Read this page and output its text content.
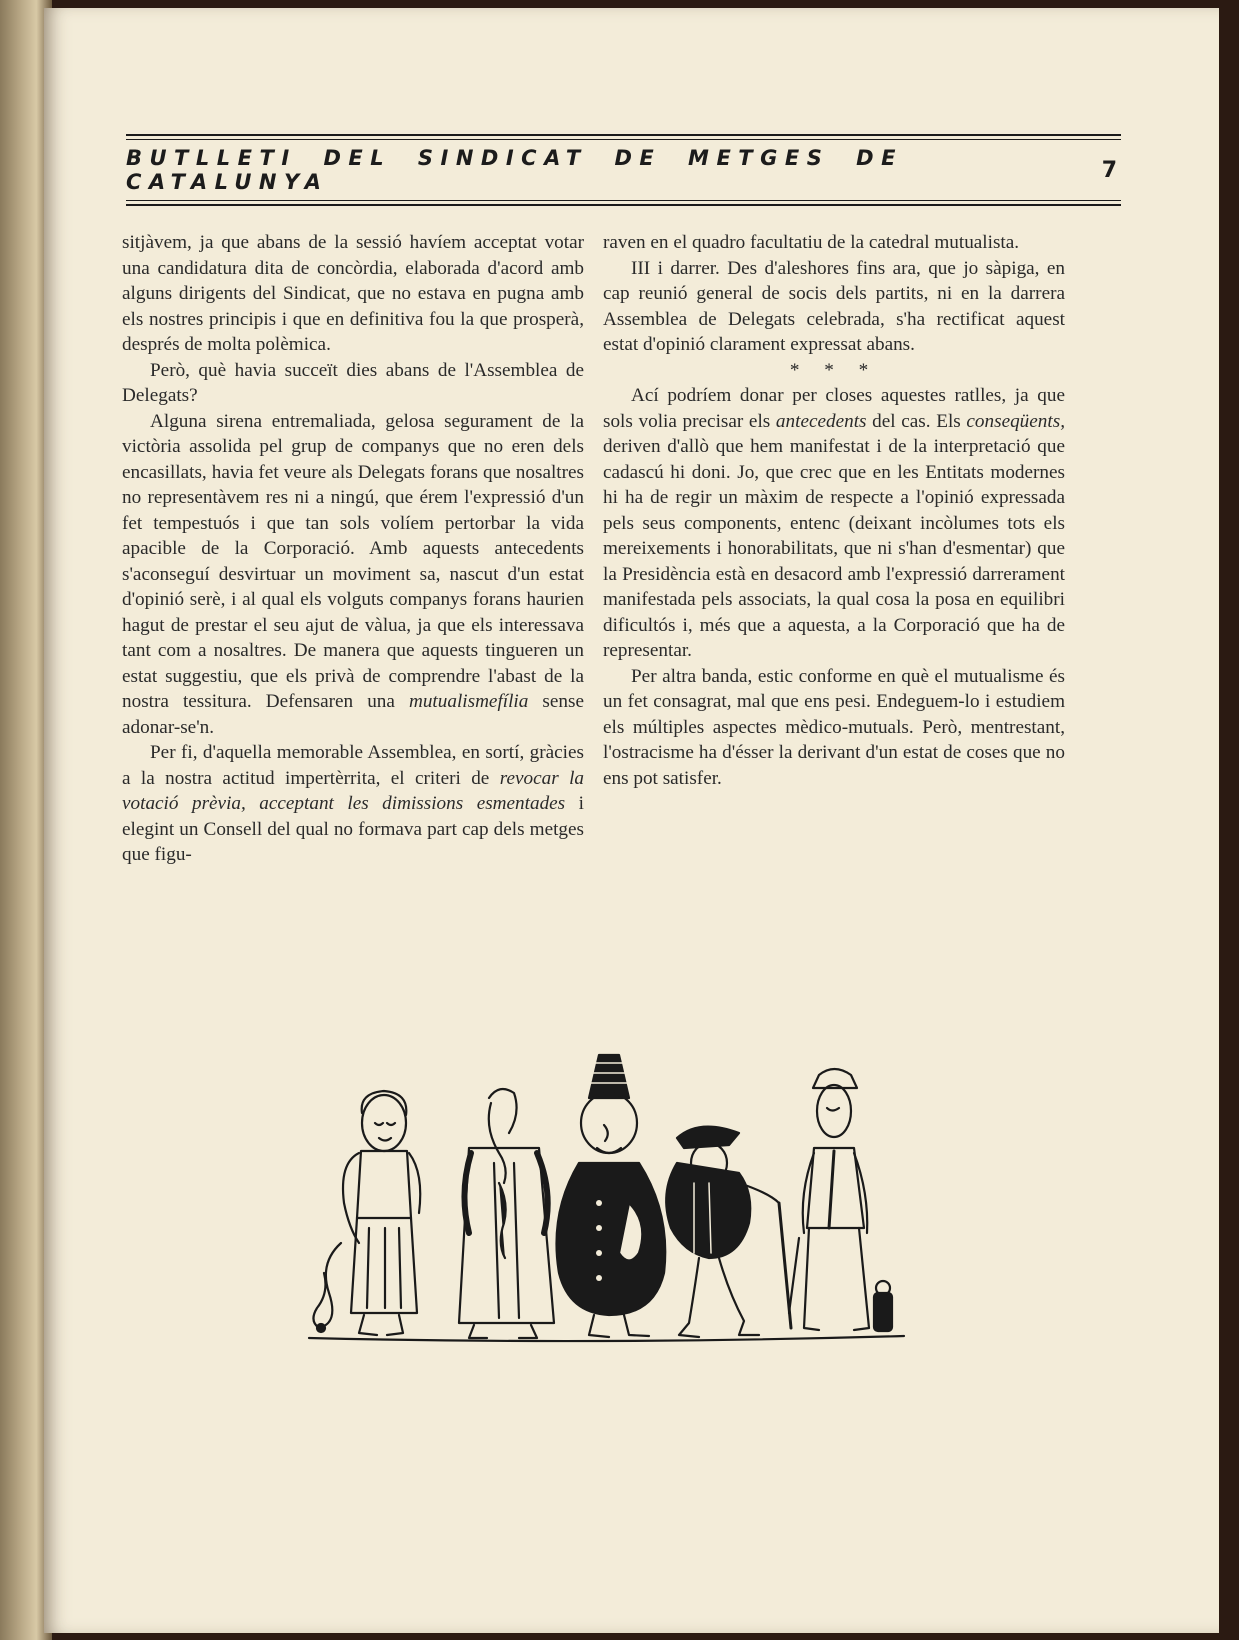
BUTLLETI DEL SINDICAT DE METGES DE CATALUNYA	7

sitjàvem, ja que abans de la sessió havíem acceptat votar una candidatura dita de concòrdia, elaborada d'acord amb alguns dirigents del Sindicat, que no estava en pugna amb els nostres principis i que en definitiva fou la que prosperà, després de molta polèmica.

Però, què havia succeït dies abans de l'Assemblea de Delegats?

Alguna sirena entremaliada, gelosa segurament de la victòria assolida pel grup de companys que no eren dels encasillats, havia fet veure als Delegats forans que nosaltres no representàvem res ni a ningú, que érem l'expressió d'un fet tempestuós i que tan sols volíem pertorbar la vida apacible de la Corporació. Amb aquests antecedents s'aconseguí desvirtuar un moviment sa, nascut d'un estat d'opinió serè, i al qual els volguts companys forans haurien hagut de prestar el seu ajut de vàlua, ja que els interessava tant com a nosaltres. De manera que aquests tingueren un estat suggestiu, que els privà de comprendre l'abast de la nostra tessitura. Defensaren una mutualismefília sense adonar-se'n.

Per fi, d'aquella memorable Assemblea, en sortí, gràcies a la nostra actitud impertèrrita, el criteri de revocar la votació prèvia, acceptant les dimissions esmentades i elegint un Consell del qual no formava part cap dels metges que figu-

raven en el quadro facultatiu de la catedral mutualista.

III i darrer. Des d'aleshores fins ara, que jo sàpiga, en cap reunió general de socis dels partits, ni en la darrera Assemblea de Delegats celebrada, s'ha rectificat aquest estat d'opinió clarament expressat abans.

* * *

Ací podríem donar per closes aquestes ratlles, ja que sols volia precisar els antecedents del cas. Els conseqüents, deriven d'allò que hem manifestat i de la interpretació que cadascú hi doni. Jo, que crec que en les Entitats modernes hi ha de regir un màxim de respecte a l'opinió expressada pels seus components, entenc (deixant incòlumes tots els mereixements i honorabilitats, que ni s'han d'esmentar) que la Presidència està en desacord amb l'expressió darrerament manifestada pels associats, la qual cosa la posa en equilibri dificultós i, més que a aquesta, a la Corporació que ha de representar.

Per altra banda, estic conforme en què el mutualisme és un fet consagrat, mal que ens pesi. Endeguem-lo i estudiem els múltiples aspectes mèdico-mutuals. Però, mentrestant, l'ostracisme ha d'ésser la derivant d'un estat de coses que no ens pot satisfer.
